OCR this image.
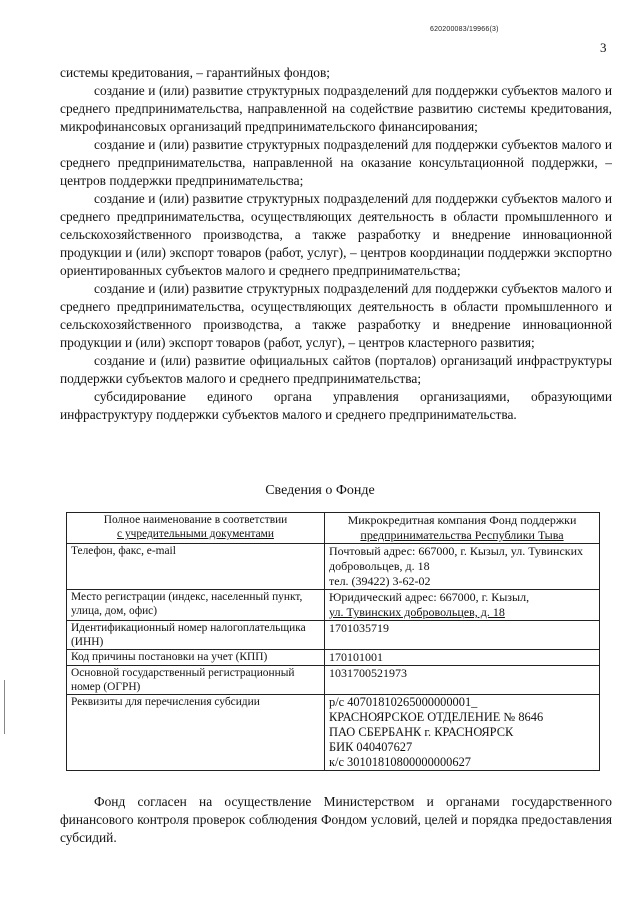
620200083/19966(3)
3

системы кредитования, – гарантийных фондов;

создание и (или) развитие структурных подразделений для поддержки субъектов малого и среднего предпринимательства, направленной на содействие развитию системы кредитования, микрофинансовых организаций предпринимательского финансирования;

создание и (или) развитие структурных подразделений для поддержки субъектов малого и среднего предпринимательства, направленной на оказание консультационной поддержки, – центров поддержки предпринимательства;

создание и (или) развитие структурных подразделений для поддержки субъектов малого и среднего предпринимательства, осуществляющих деятельность в области промышленного и сельскохозяйственного производства, а также разработку и внедрение инновационной продукции и (или) экспорт товаров (работ, услуг), – центров координации поддержки экспортно ориентированных субъектов малого и среднего предпринимательства;

создание и (или) развитие структурных подразделений для поддержки субъектов малого и среднего предпринимательства, осуществляющих деятельность в области промышленного и сельскохозяйственного производства, а также разработку и внедрение инновационной продукции и (или) экспорт товаров (работ, услуг), – центров кластерного развития;

создание и (или) развитие официальных сайтов (порталов) организаций инфраструктуры поддержки субъектов малого и среднего предпринимательства;

субсидирование единого органа управления организациями, образующими инфраструктуру поддержки субъектов малого и среднего предпринимательства.

Сведения о Фонде
Полное наименование в соответствии
с учредительными документами	Микрокредитная компания Фонд поддержки
предпринимательства Республики Тыва

Телефон, факс, e-mail	Почтовый адрес: 667000, г. Кызыл, ул. Тувинских добровольцев, д. 18
тел. (39422) 3-62-02

Место регистрации (индекс, населенный пункт, улица, дом, офис)	Юридический адрес: 667000, г. Кызыл,
ул. Тувинских добровольцев, д. 18

Идентификационный номер налогоплательщика (ИНН)	1701035719

Код причины постановки на учет (КПП)	170101001

Основной государственный регистрационный номер (ОГРН)	1031700521973

Реквизиты для перечисления субсидии	р/с 40701810265000000001_
КРАСНОЯРСКОЕ ОТДЕЛЕНИЕ № 8646
ПАО СБЕРБАНК г. КРАСНОЯРСК
БИК 040407627
к/с 30101810800000000627

Фонд согласен на осуществление Министерством и органами государственного финансового контроля проверок соблюдения Фондом условий, целей и порядка предоставления субсидий.
